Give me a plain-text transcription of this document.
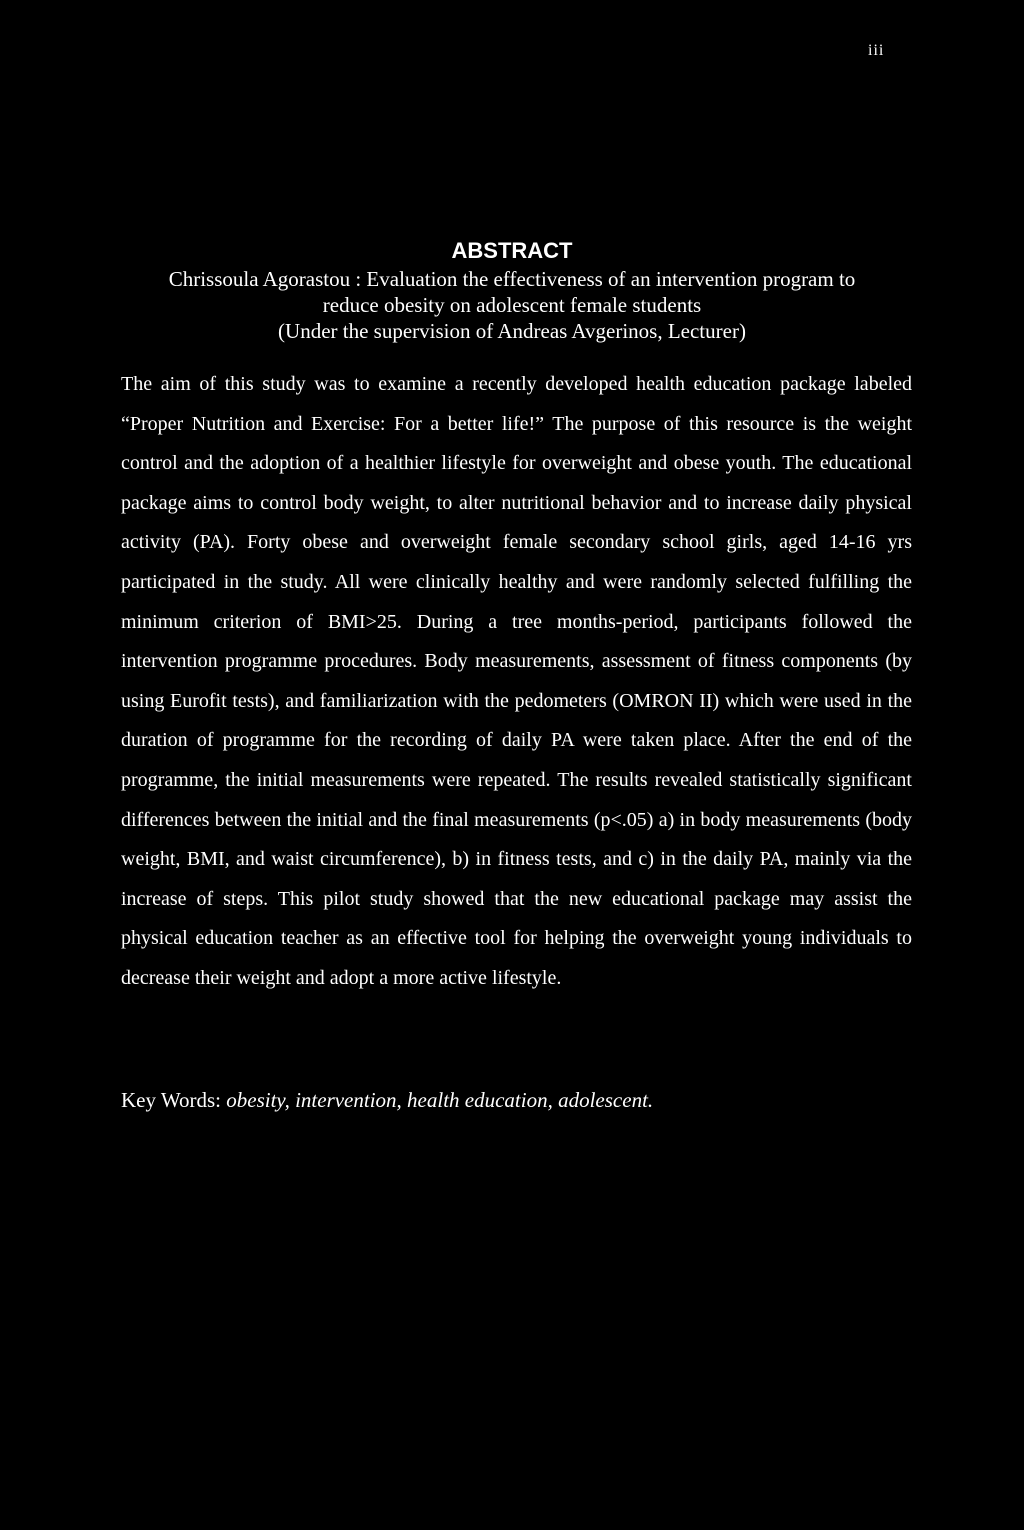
iii

ABSTRACT

Chrissoula Agorastou : Evaluation the effectiveness of an intervention program to

reduce obesity on adolescent female students

(Under the supervision of Andreas Avgerinos, Lecturer)

The aim of this study was to examine a recently developed health education package labeled “Proper Nutrition and Exercise: For a better life!” The purpose of this resource is the weight control and the adoption of a healthier lifestyle for overweight and obese youth. The educational package aims to control body weight, to alter nutritional behavior and to increase daily physical activity (PA). Forty obese and overweight female secondary school girls, aged 14-16 yrs participated in the study. All were clinically healthy and were randomly selected fulfilling the minimum criterion of BMI>25. During a tree months-period, participants followed the intervention programme procedures. Body measurements, assessment of fitness components (by using Eurofit tests), and familiarization with the pedometers (OMRON II) which were used in the duration of programme for the recording of daily PA were taken place. After the end of the programme, the initial measurements were repeated. The results revealed statistically significant differences between the initial and the final measurements (p<.05) a) in body measurements (body weight, BMI, and waist circumference), b) in fitness tests, and c) in the daily PA, mainly via the increase of steps. This pilot study showed that the new educational package may assist the physical education teacher as an effective tool for helping the overweight young individuals to decrease their weight and adopt a more active lifestyle.

Key Words: obesity, intervention, health education, adolescent.
